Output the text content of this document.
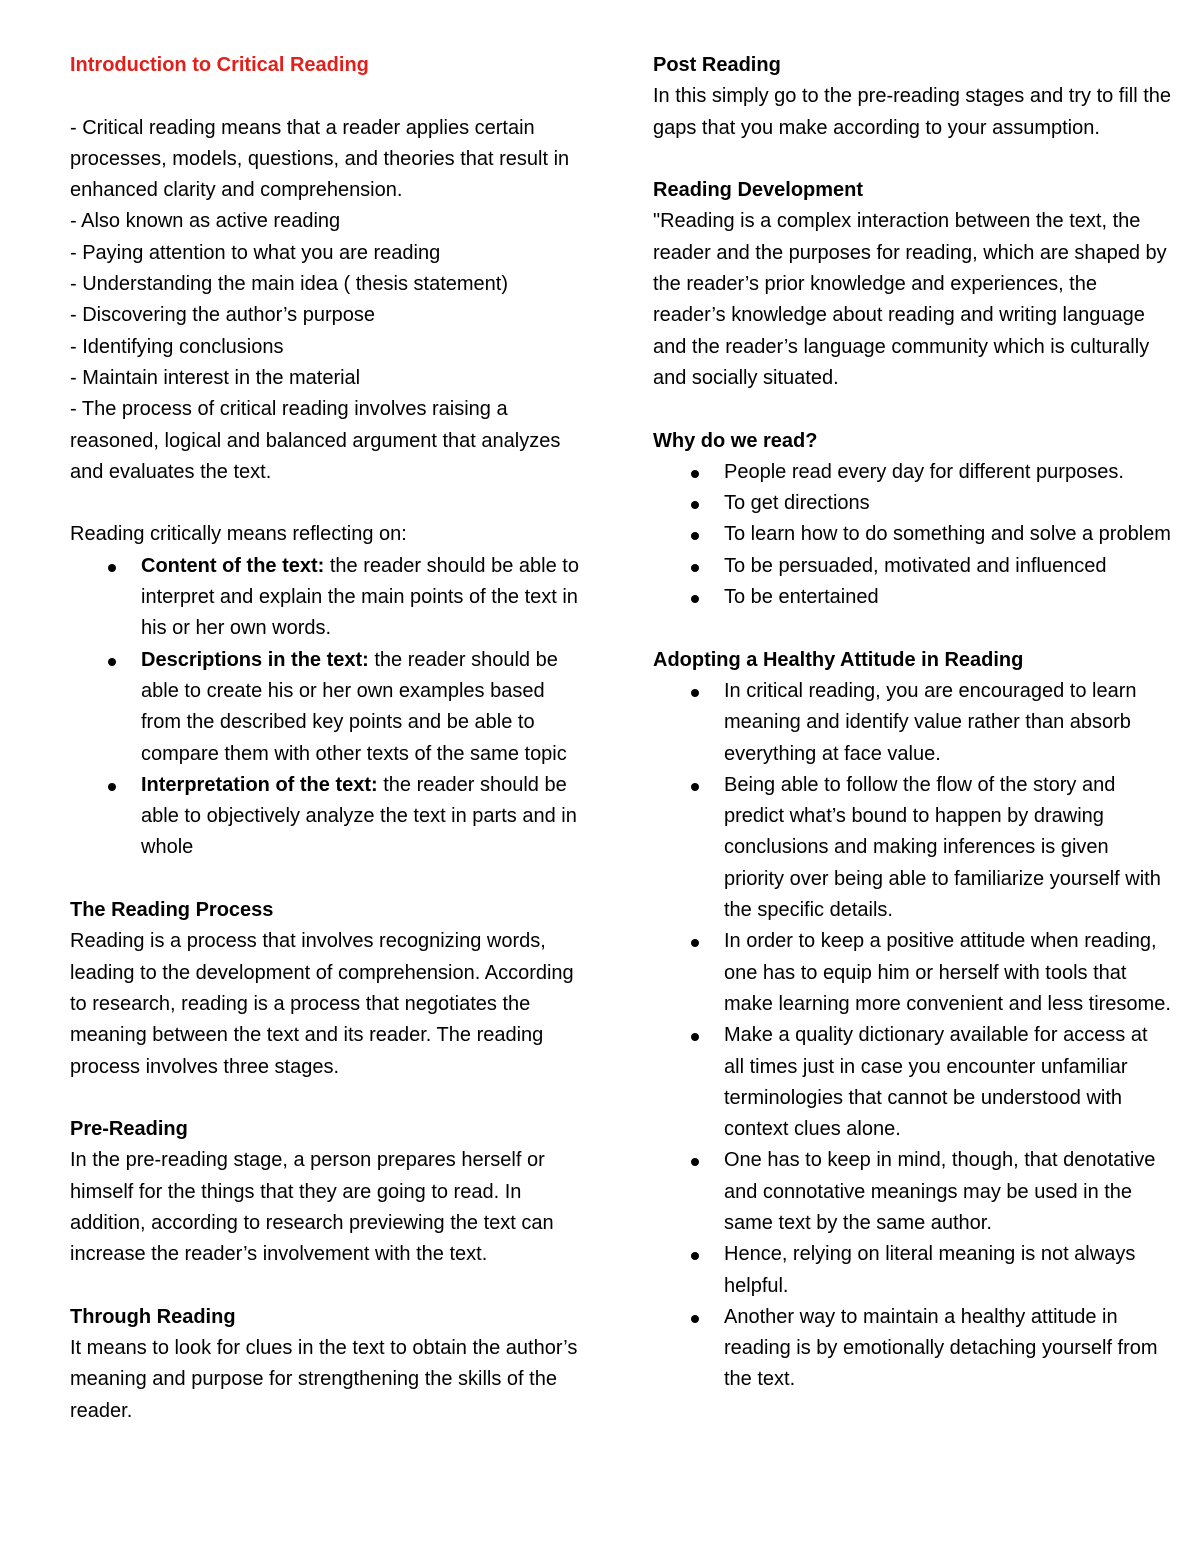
Introduction to Critical Reading

- Critical reading means that a reader applies certain processes, models, questions, and theories that result in enhanced clarity and comprehension.

- Also known as active reading

- Paying attention to what you are reading

- Understanding the main idea ( thesis statement)

- Discovering the author’s purpose

- Identifying conclusions

- Maintain interest in the material

- The process of critical reading involves raising a reasoned, logical and balanced argument that analyzes and evaluates the text.

Reading critically means reflecting on:

Content of the text: the reader should be able to interpret and explain the main points of the text in his or her own words.
Descriptions in the text: the reader should be able to create his or her own examples based from the described key points and be able to compare them with other texts of the same topic
Interpretation of the text: the reader should be able to objectively analyze the text in parts and in whole

The Reading Process

Reading is a process that involves recognizing words, leading to the development of comprehension. According to research, reading is a process that negotiates the meaning between the text and its reader. The reading process involves three stages.

Pre-Reading

In the pre-reading stage, a person prepares herself or himself for the things that they are going to read. In addition, according to research previewing the text can increase the reader’s involvement with the text.

Through Reading

It means to look for clues in the text to obtain the author’s meaning and purpose for strengthening the skills of the reader.

Post Reading

In this simply go to the pre-reading stages and try to fill the gaps that you make according to your assumption.

Reading Development

"Reading is a complex interaction between the text, the reader and the purposes for reading, which are shaped by the reader’s prior knowledge and experiences, the reader’s knowledge about reading and writing language and the reader’s language community which is culturally and socially situated.

Why do we read?

People read every day for different purposes.
To get directions
To learn how to do something and solve a problem
To be persuaded, motivated and influenced
To be entertained

Adopting a Healthy Attitude in Reading

In critical reading, you are encouraged to learn meaning and identify value rather than absorb everything at face value.
Being able to follow the flow of the story and predict what’s bound to happen by drawing conclusions and making inferences is given priority over being able to familiarize yourself with the specific details.
In order to keep a positive attitude when reading, one has to equip him or herself with tools that make learning more convenient and less tiresome.
Make a quality dictionary available for access at all times just in case you encounter unfamiliar terminologies that cannot be understood with context clues alone.
One has to keep in mind, though, that denotative and connotative meanings may be used in the same text by the same author.
Hence, relying on literal meaning is not always helpful.
Another way to maintain a healthy attitude in reading is by emotionally detaching yourself from the text.
